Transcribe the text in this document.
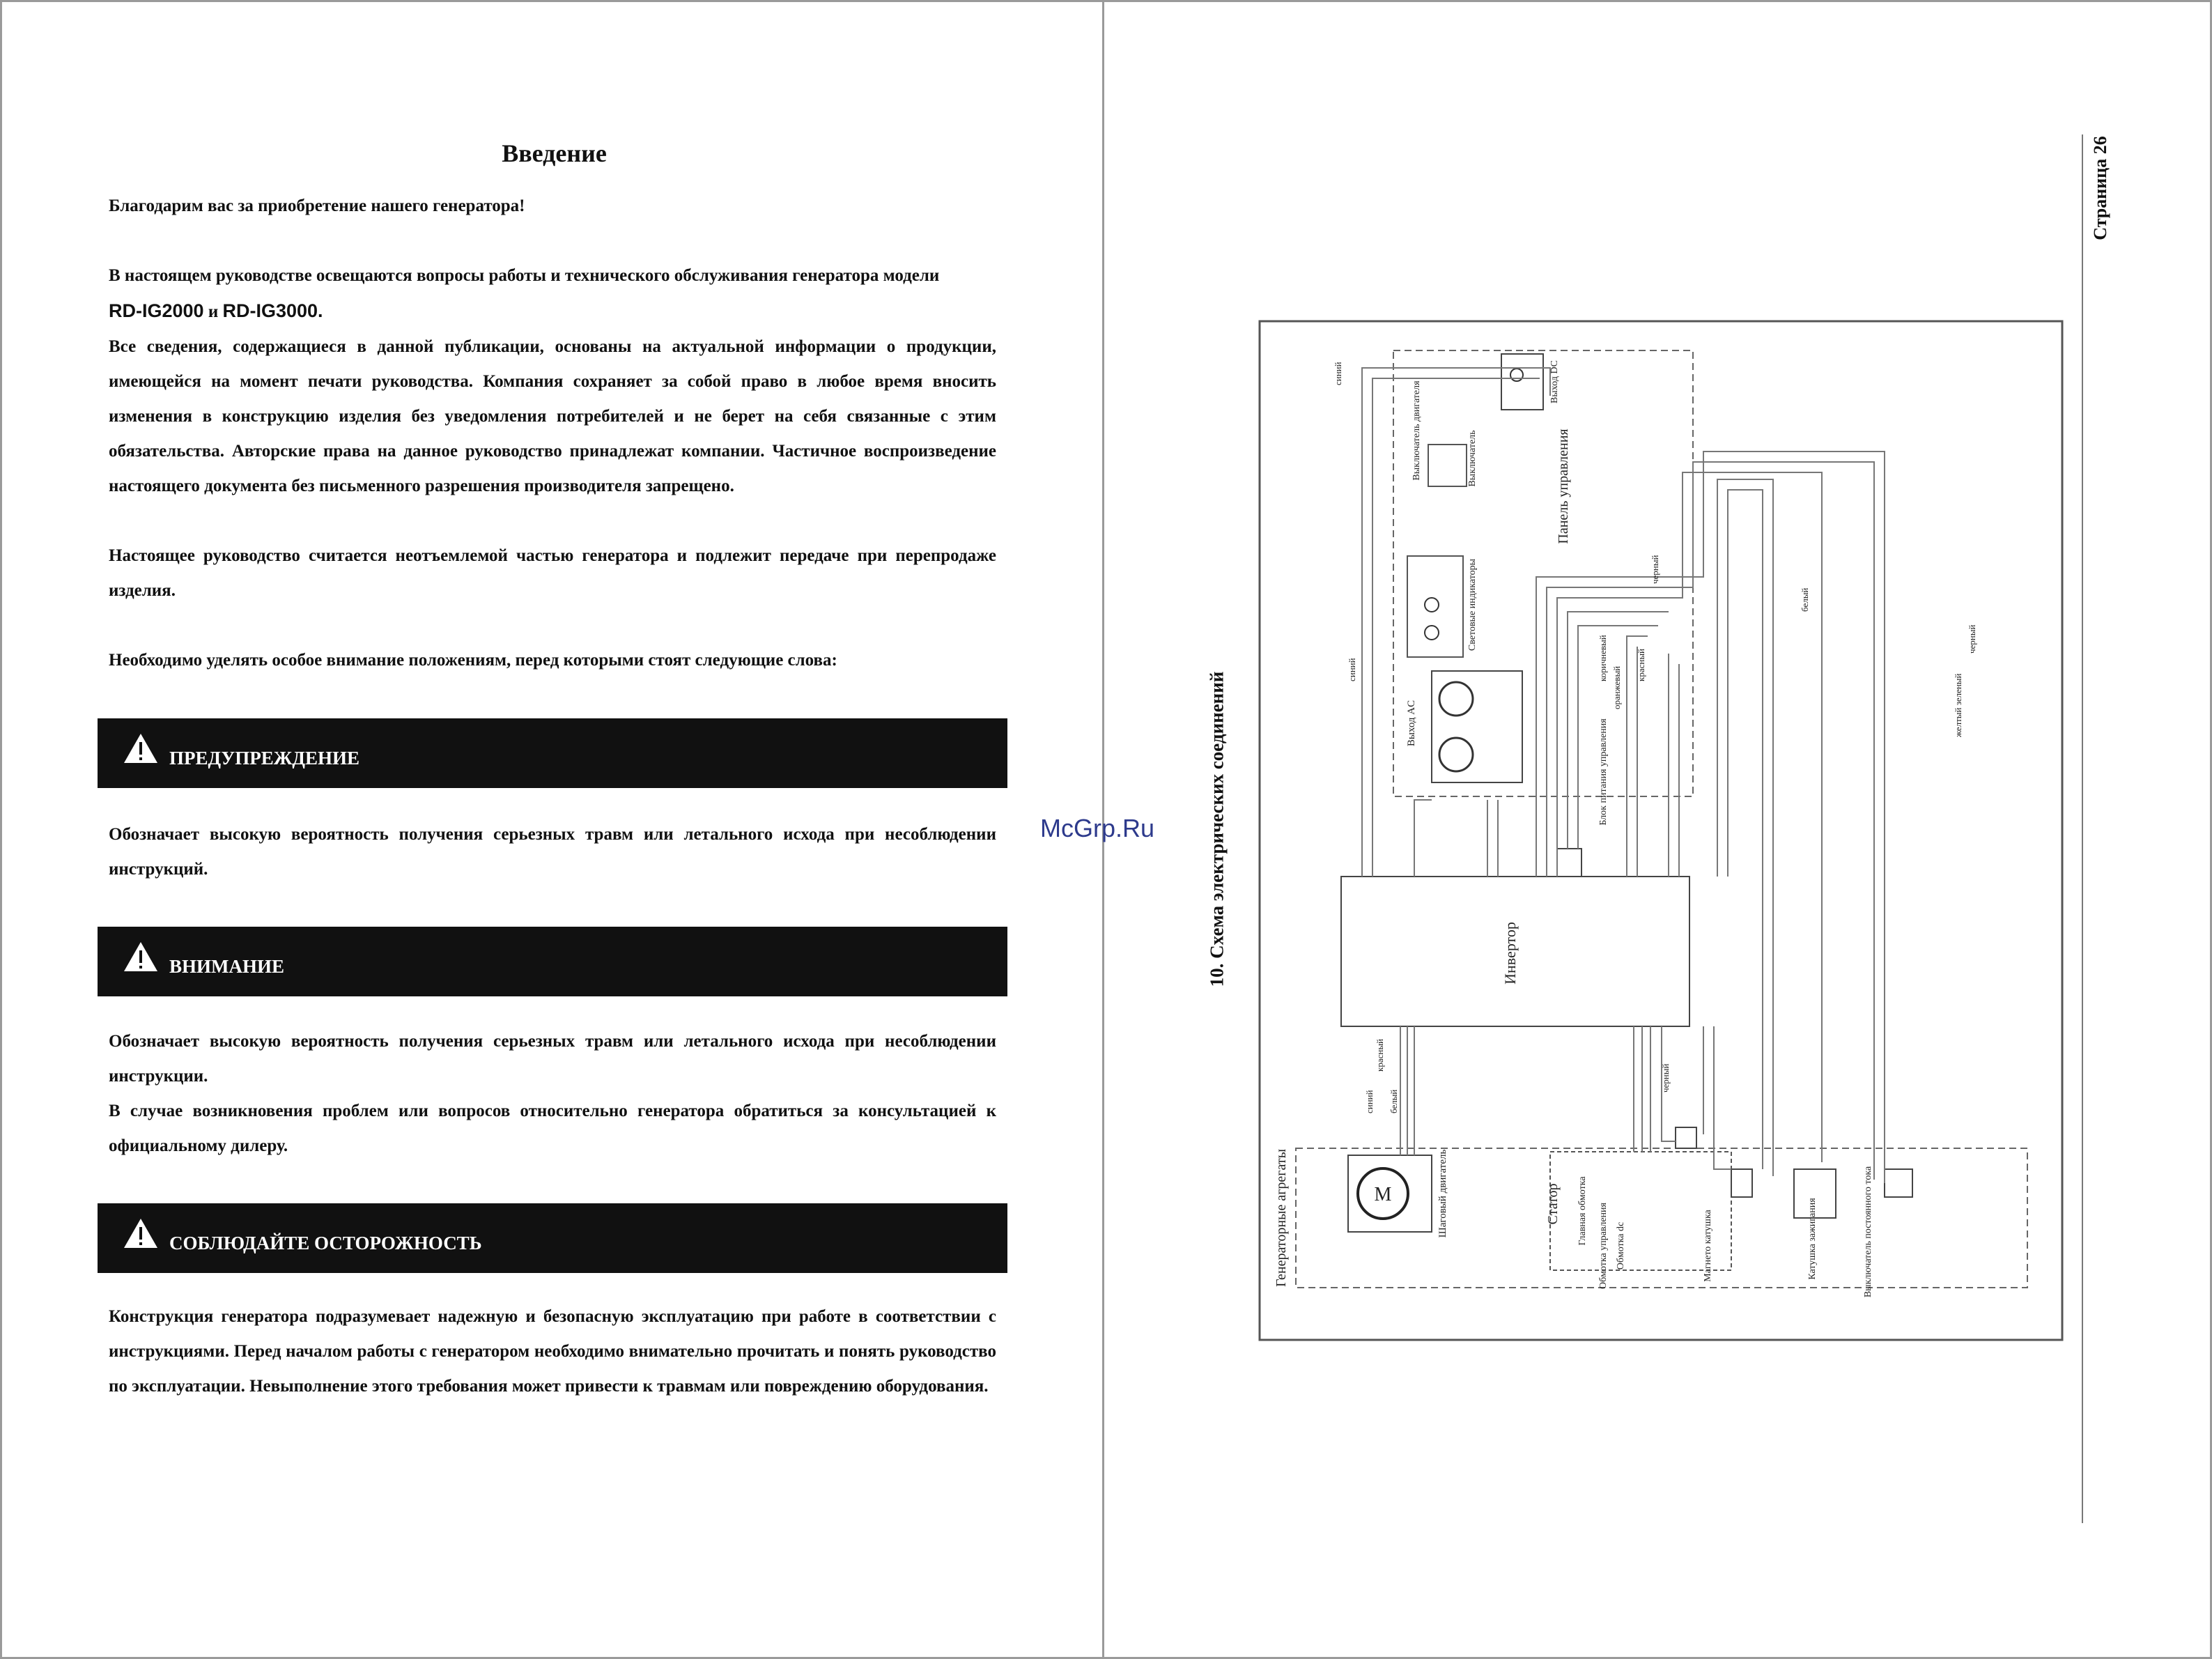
Введение

Благодарим вас за приобретение нашего генератора!

В настоящем руководстве освещаются вопросы работы и технического обслуживания генератора модели
RD-IG2000 и RD-IG3000.

Все сведения, содержащиеся в данной публикации, основаны на актуальной информации о продукции, имеющейся на момент печати руководства. Компания сохраняет за собой право в любое время вносить изменения в конструкцию изделия без уведомления потребителей и не берет на себя связанные с этим обязательства. Авторские права на данное руководство принадлежат компании. Частичное воспроизведение настоящего документа без письменного разрешения производителя запрещено.

Настоящее руководство считается неотъемлемой частью генератора и подлежит передаче при перепродаже изделия.

Необходимо уделять особое внимание положениям, перед которыми стоят следующие слова:

ПРЕДУПРЕЖДЕНИЕ

Обозначает высокую вероятность получения серьезных травм или летального исхода при несоблюдении инструкций.

ВНИМАНИЕ

Обозначает высокую вероятность получения серьезных травм или летального исхода при несоблюдении инструкции.

В случае возникновения проблем или вопросов относительно генератора обратиться за консультацией к официальному дилеру.

СОБЛЮДАЙТЕ ОСТОРОЖНОСТЬ

Конструкция генератора подразумевает надежную и безопасную эксплуатацию при работе в соответствии с инструкциями. Перед началом работы с генератором необходимо внимательно прочитать и понять руководство по эксплуатации. Невыполнение этого требования может привести к травмам или повреждению оборудования.

McGrp.Ru
Страница 26
10. Схема электрических соединений
Панель управления
Выход AC
Световые индикаторы
Выключатель
Выход DC
Выключатель двигателя
Инвертор
Генераторные агрегаты	М	Шаговый двигатель	Статор Главная обмотка Обмотка управления Обмотка dc	Магнето катушка	Катушка зажигания	Выключатель постоянного тока
Блок питания управления
синий
синий	красный
черный
белый
коричневый
оранжевый	желтый зеленый
красный
синий белый
черный
черный
